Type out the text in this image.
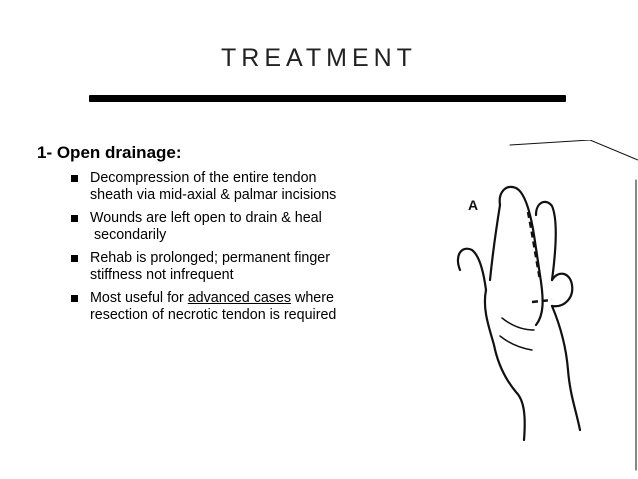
TREATMENT
1- Open drainage:
Decompression of the entire tendon
sheath via mid-axial & palmar incisions
Wounds are left open to drain & heal
secondarily
Rehab is prolonged; permanent finger
stiffness not infrequent
Most useful for advanced cases where
resection of necrotic tendon is required
A
